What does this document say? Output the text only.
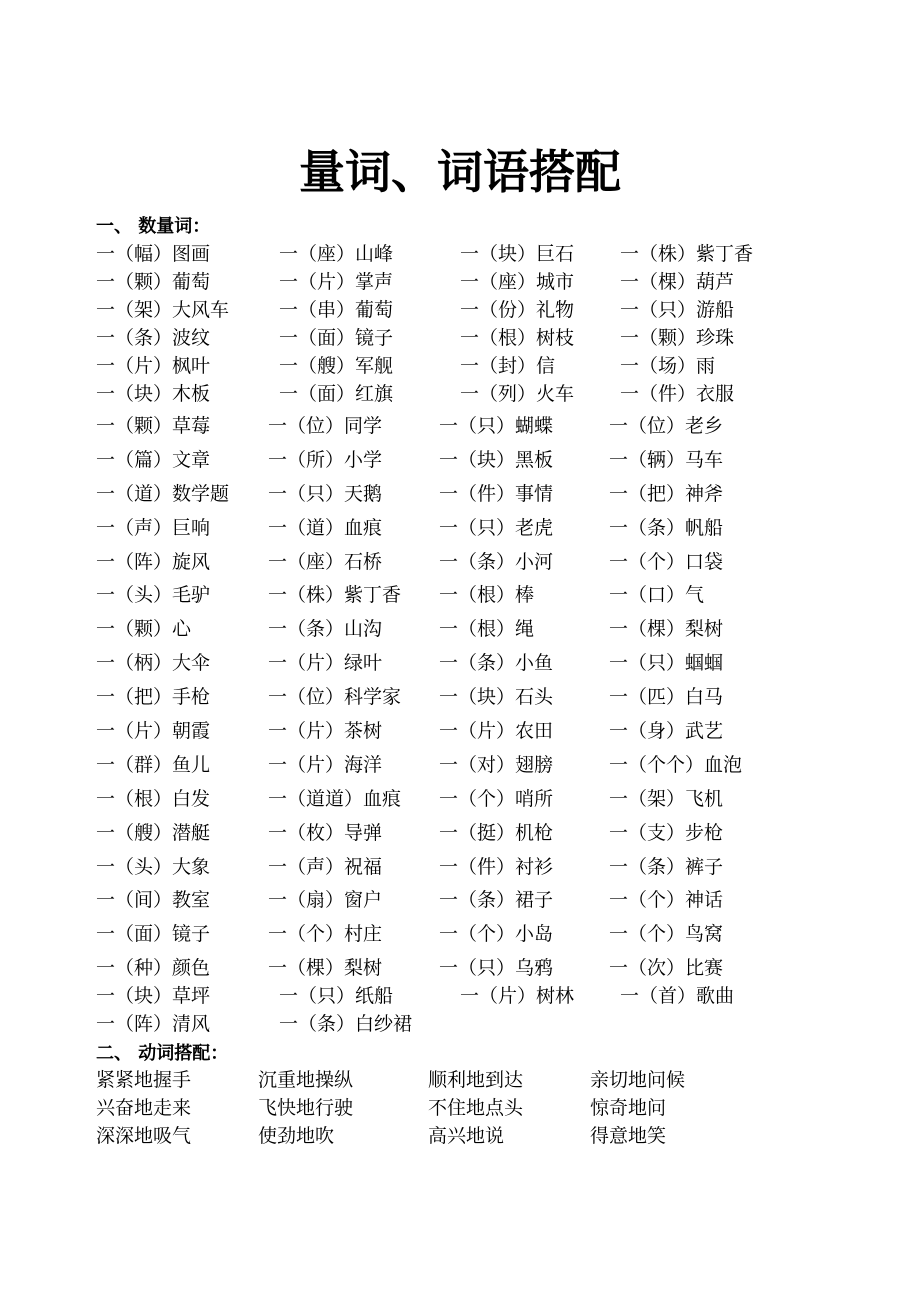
量词、词语搭配
一、 数量词：
一（幅）图画	一（座）山峰	一（块）巨石 一（株）紫丁香
一（颗）葡萄	一（片）掌声	一（座）城市 一（棵）葫芦
一（架）大风车	一（串）葡萄	一（份）礼物 一（只）游船
一（条）波纹	一（面）镜子	一（根）树枝 一（颗）珍珠
一（片）枫叶	一（艘）军舰	一（封）信	一（场）雨
一（块）木板	一（面）红旗	一（列）火车 一（件）衣服
一（颗）草莓	一（位）同学	一（只）蝴蝶	一（位）老乡
一（篇）文章	一（所）小学	一（块）黑板	一（辆）马车
一（道）数学题 一（只）天鹅	一（件）事情	一（把）神斧
一（声）巨响	一（道）血痕	一（只）老虎	一（条）帆船
一（阵）旋风	一（座）石桥	一（条）小河	一（个）口袋
一（头）毛驴	一（株）紫丁香 一（根）棒	一（口）气
一（颗）心	一（条）山沟	一（根）绳	一（棵）梨树
一（柄）大伞	一（片）绿叶	一（条）小鱼	一（只）蝈蝈
一（把）手枪	一（位）科学家 一（块）石头	一（匹）白马
一（片）朝霞	一（片）茶树	一（片）农田	一（身）武艺
一（群）鱼儿	一（片）海洋	一（对）翅膀	一（个个）血泡
一（根）白发	一（道道）血痕 一（个）哨所	一（架）飞机
一（艘）潜艇	一（枚）导弹	一（挺）机枪	一（支）步枪
一（头）大象	一（声）祝福	一（件）衬衫	一（条）裤子
一（间）教室	一（扇）窗户	一（条）裙子	一（个）神话
一（面）镜子	一（个）村庄	一（个）小岛	一（个）鸟窝
一（种）颜色	一（棵）梨树	一（只）乌鸦	一（次）比赛
一（块）草坪	一（只）纸船	一（片）树林 一（首）歌曲
一（阵）清风	一（条）白纱裙
二、 动词搭配：
紧紧地握手	沉重地操纵	顺利地到达	亲切地问候
兴奋地走来	飞快地行驶	不住地点头	惊奇地问
深深地吸气	使劲地吹	高兴地说	得意地笑
